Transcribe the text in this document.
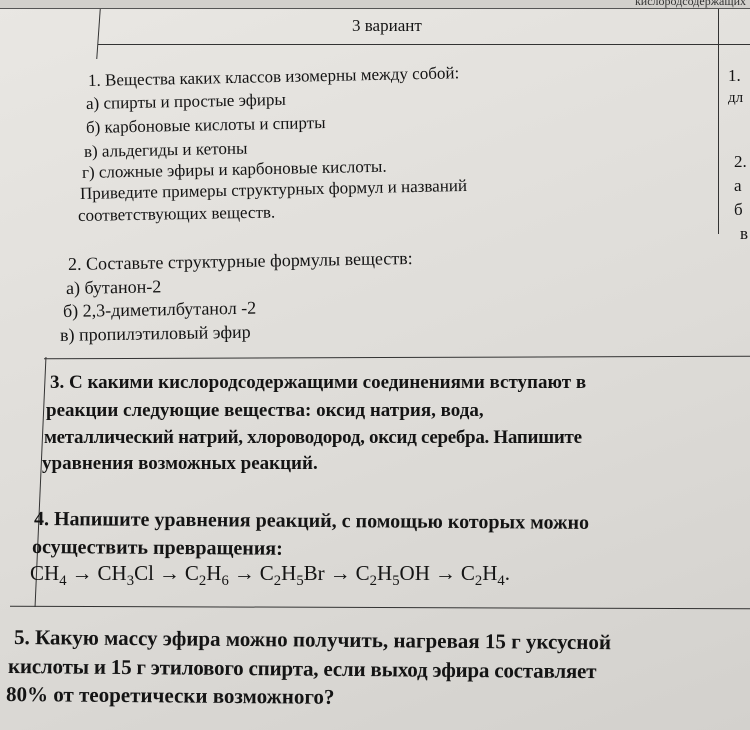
кислородсодержащих
3 вариант
1. Вещества каких классов изомерны между собой:
а) спирты и простые эфиры
б) карбоновые кислоты и спирты
в) альдегиды и кетоны
г) сложные эфиры и карбоновые кислоты.
Приведите примеры структурных формул и названий
соответствующих веществ.
2. Составьте структурные формулы веществ:
а) бутанон-2
б) 2,3-диметилбутанол -2
в) пропилэтиловый эфир
3. С какими кислородсодержащими соединениями вступают в
реакции следующие вещества: оксид натрия, вода,
металлический натрий, хлороводород, оксид серебра. Напишите
уравнения возможных реакций.
4. Напишите уравнения реакций, с помощью которых можно
осуществить превращения:
$CH_4 \to CH_3Cl \to C_2H_6 \to C_2H_5Br \to C_2H_5OH \to C_2H_4$.
5. Какую массу эфира можно получить, нагревая 15 г уксусной
кислоты и 15 г этилового спирта, если выход эфира составляет
80% от теоретически возможного?
1.
дл
2.
а
б
в
